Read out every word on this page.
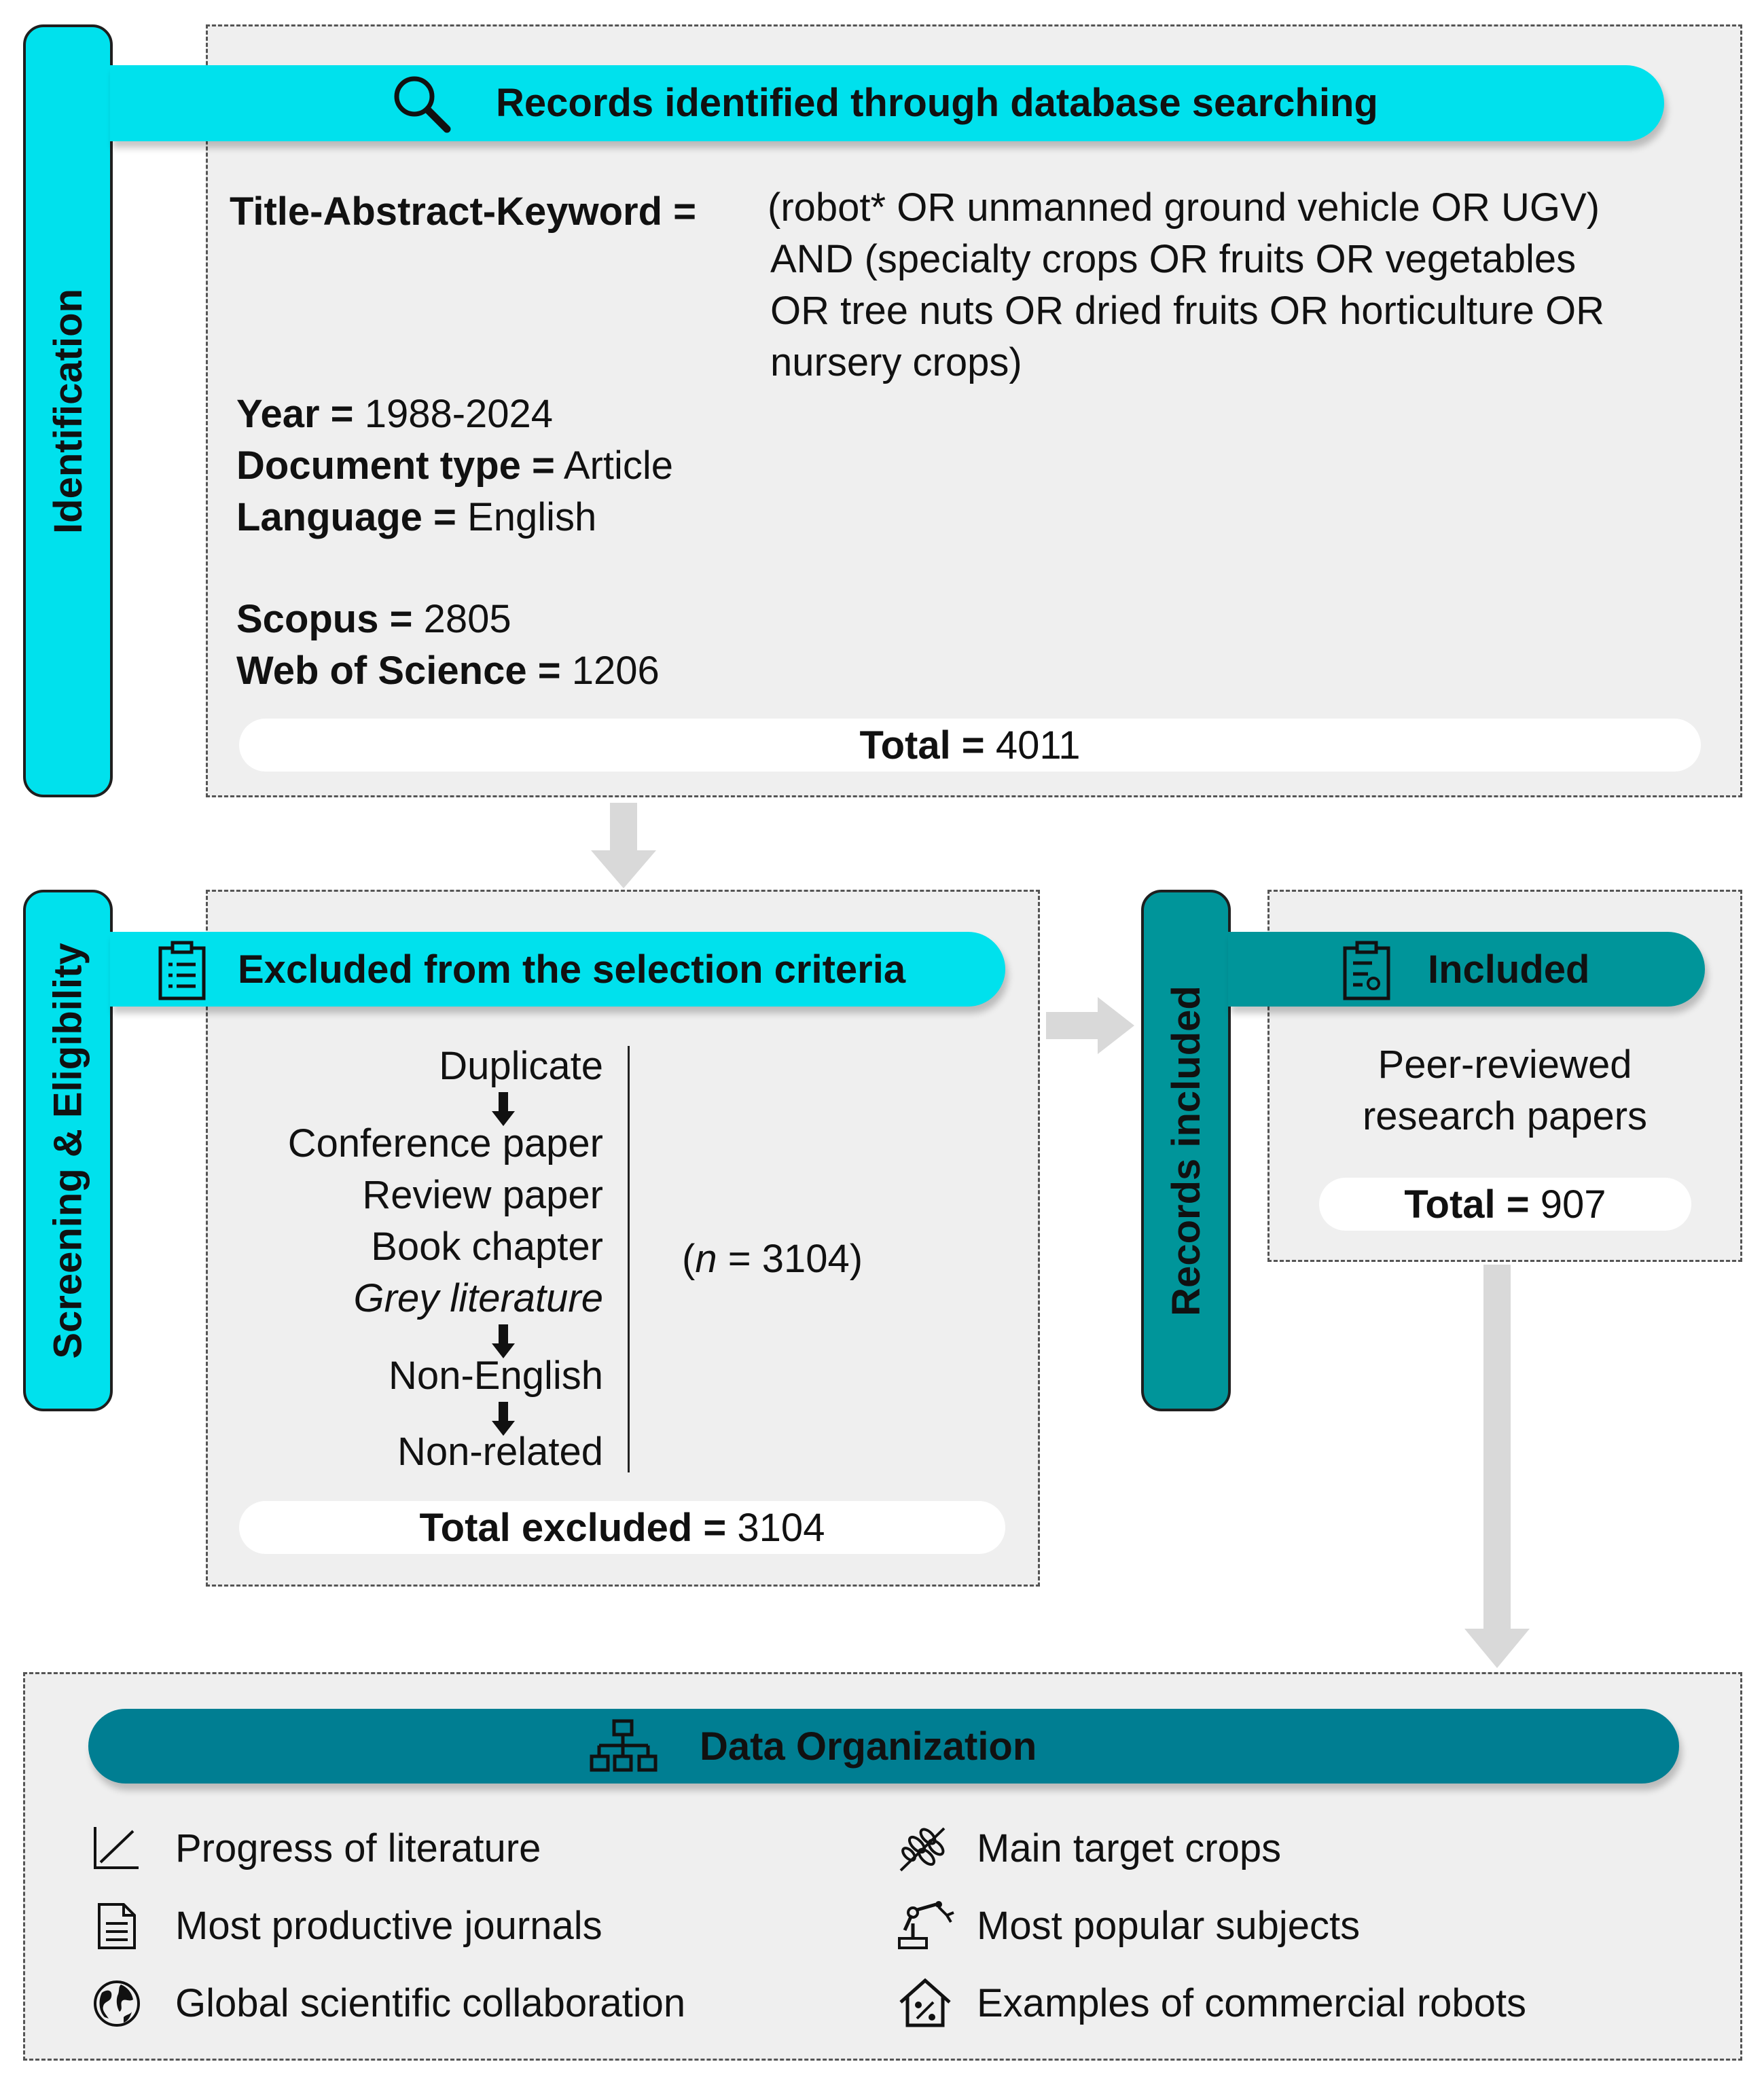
Identification
Records identified through database searching
Title-Abstract-Keyword = (robot* OR unmanned ground vehicle OR UGV)
AND (specialty crops OR fruits OR vegetables
OR tree nuts OR dried fruits OR horticulture OR
nursery crops)
Year = 1988-2024
Document type = Article
Language = English
Scopus = 2805
Web of Science = 1206
Total =
4011
Screening & Eligibility	Excluded from the selection criteria
Duplicate
Conference paper
Review paper
Book chapter
Grey literature
Non-English
Non-related
(n = 3104)
Total excluded =
3104
Records included
Included
Peer-reviewed
research papers
Total =
907
Data Organization
Progress of literature
Most productive journals
Global scientific collaboration
Main target crops
Most popular subjects
Examples of commercial robots
